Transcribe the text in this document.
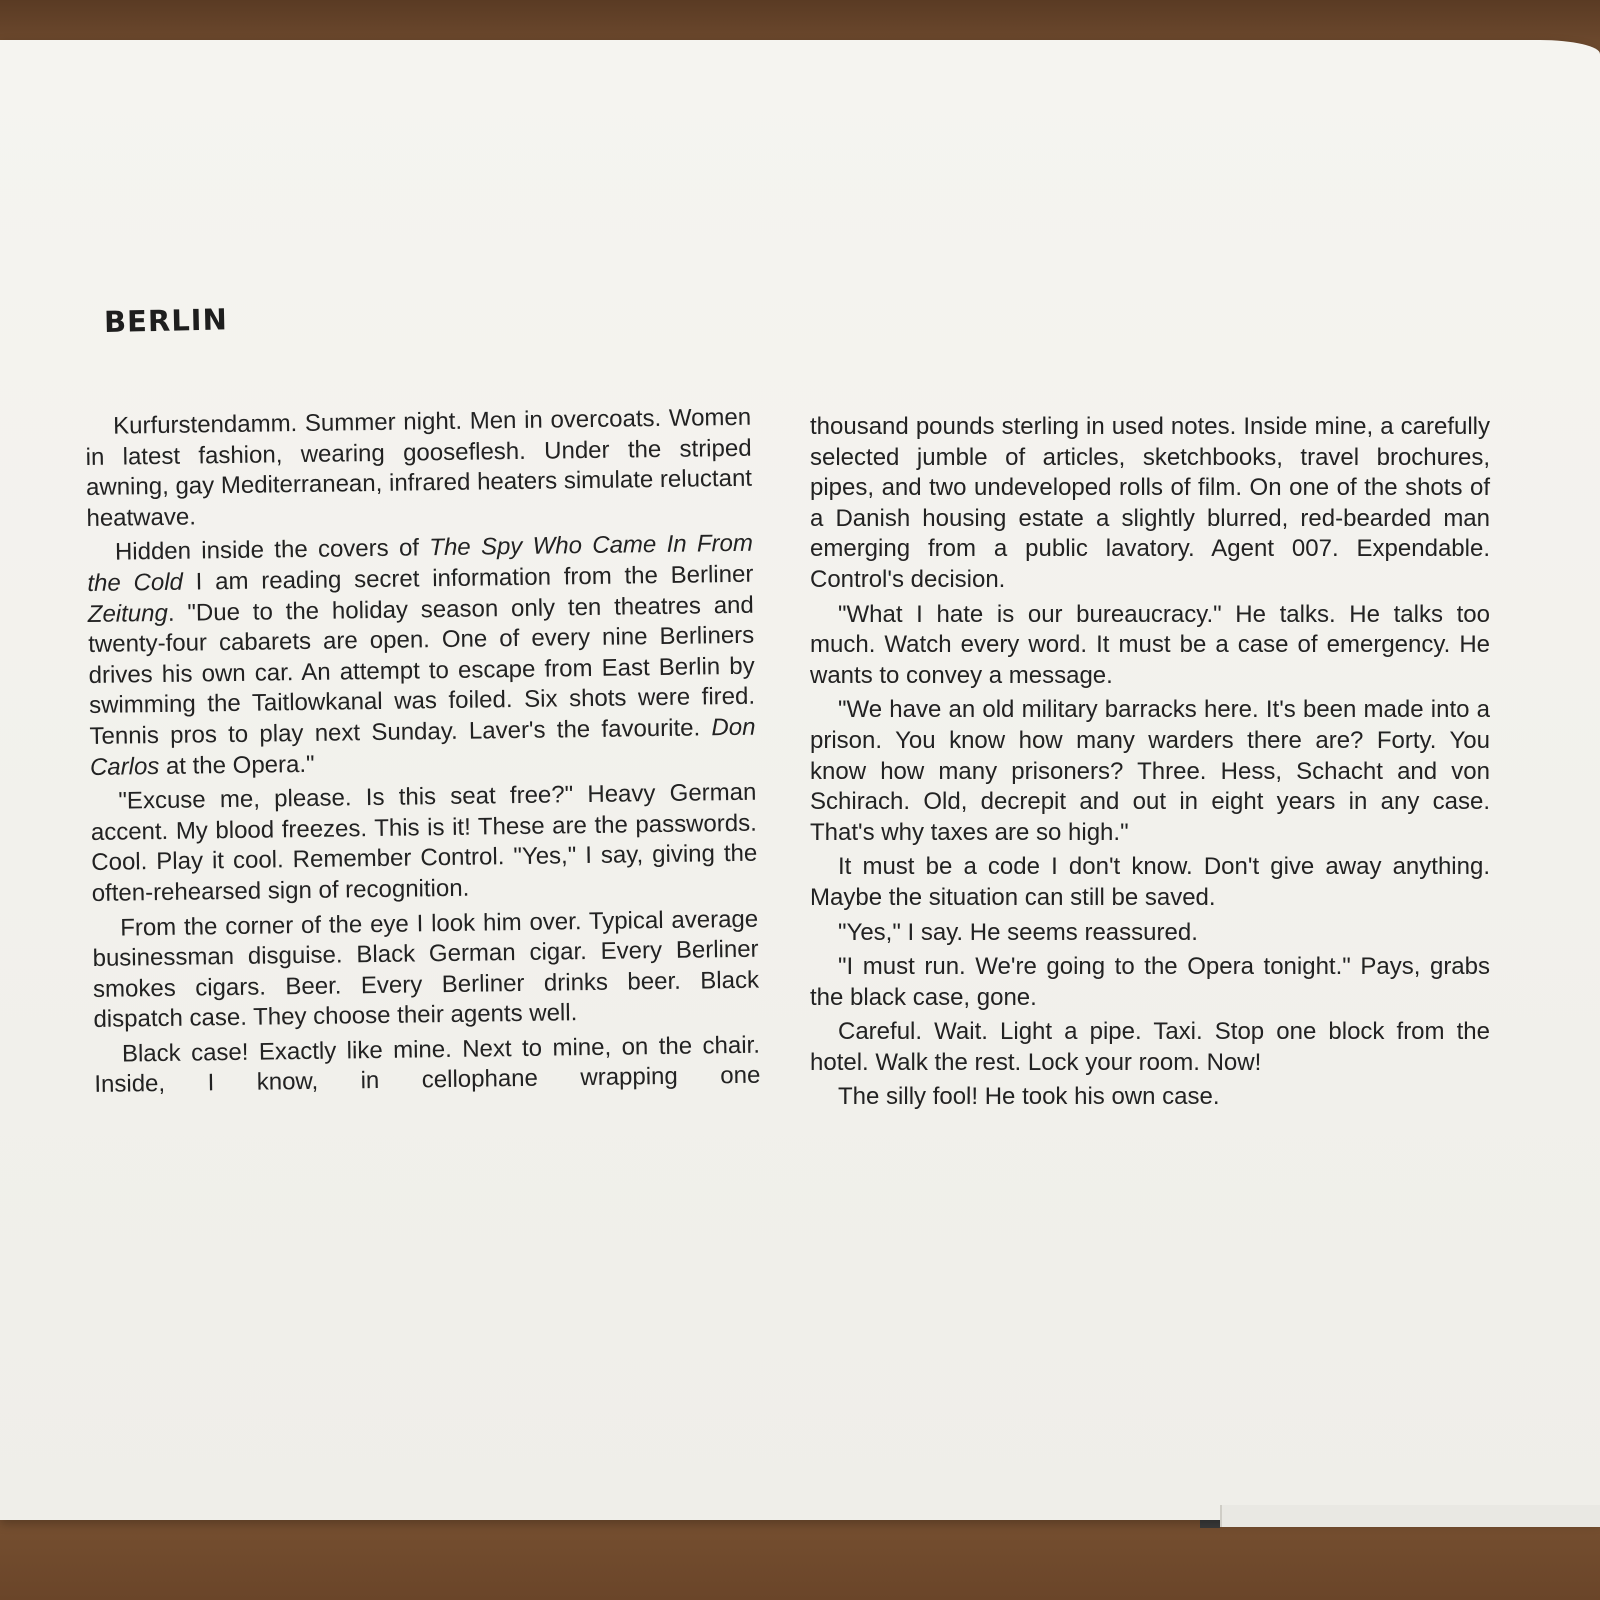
BERLIN

Kurfurstendamm. Summer night. Men in overcoats. Women in latest fashion, wearing gooseflesh. Under the striped awning, gay Mediterranean, infrared heaters simulate reluctant heatwave.

Hidden inside the covers of The Spy Who Came In From the Cold I am reading secret information from the Berliner Zeitung. "Due to the holiday season only ten theatres and twenty-four cabarets are open. One of every nine Berliners drives his own car. An attempt to escape from East Berlin by swimming the Taitlowkanal was foiled. Six shots were fired. Tennis pros to play next Sunday. Laver's the favourite. Don Carlos at the Opera."

"Excuse me, please. Is this seat free?" Heavy German accent. My blood freezes. This is it! These are the passwords. Cool. Play it cool. Remember Control. "Yes," I say, giving the often-rehearsed sign of recognition.

From the corner of the eye I look him over. Typical average businessman disguise. Black German cigar. Every Berliner smokes cigars. Beer. Every Berliner drinks beer. Black dispatch case. They choose their agents well.

Black case! Exactly like mine. Next to mine, on the chair. Inside, I know, in cellophane wrapping one

thousand pounds sterling in used notes. Inside mine, a carefully selected jumble of articles, sketchbooks, travel brochures, pipes, and two undeveloped rolls of film. On one of the shots of a Danish housing estate a slightly blurred, red-bearded man emerging from a public lavatory. Agent 007. Expendable. Control's decision.

"What I hate is our bureaucracy." He talks. He talks too much. Watch every word. It must be a case of emergency. He wants to convey a message.

"We have an old military barracks here. It's been made into a prison. You know how many warders there are? Forty. You know how many prisoners? Three. Hess, Schacht and von Schirach. Old, decrepit and out in eight years in any case. That's why taxes are so high."

It must be a code I don't know. Don't give away anything. Maybe the situation can still be saved.

"Yes," I say. He seems reassured.

"I must run. We're going to the Opera tonight." Pays, grabs the black case, gone.

Careful. Wait. Light a pipe. Taxi. Stop one block from the hotel. Walk the rest. Lock your room. Now!

The silly fool! He took his own case.
